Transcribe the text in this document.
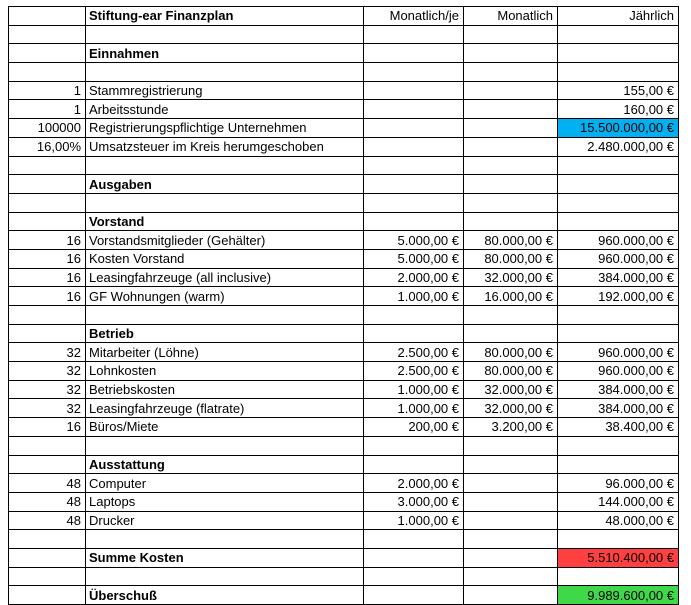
	Stiftung-ear Finanzplan	Monatlich/je	Monatlich	Jährlich

	Einnahmen			

1	Stammregistrierung			155,00 €
1	Arbeitsstunde			160,00 €
100000	Registrierungspflichtige Unternehmen			15.500.000,00 €
16,00%	Umsatzsteuer im Kreis herumgeschoben			2.480.000,00 €

	Ausgaben			

	Vorstand			
16	Vorstandsmitglieder (Gehälter)	5.000,00 €	80.000,00 €	960.000,00 €
16	Kosten Vorstand	5.000,00 €	80.000,00 €	960.000,00 €
16	Leasingfahrzeuge (all inclusive)	2.000,00 €	32.000,00 €	384.000,00 €
16	GF Wohnungen (warm)	1.000,00 €	16.000,00 €	192.000,00 €

	Betrieb			
32	Mitarbeiter (Löhne)	2.500,00 €	80.000,00 €	960.000,00 €
32	Lohnkosten	2.500,00 €	80.000,00 €	960.000,00 €
32	Betriebskosten	1.000,00 €	32.000,00 €	384.000,00 €
32	Leasingfahrzeuge (flatrate)	1.000,00 €	32.000,00 €	384.000,00 €
16	Büros/Miete	200,00 €	3.200,00 €	38.400,00 €

	Ausstattung			
48	Computer	2.000,00 €		96.000,00 €
48	Laptops	3.000,00 €		144.000,00 €
48	Drucker	1.000,00 €		48.000,00 €

	Summe Kosten			5.510.400,00 €

	Überschuß			9.989.600,00 €
